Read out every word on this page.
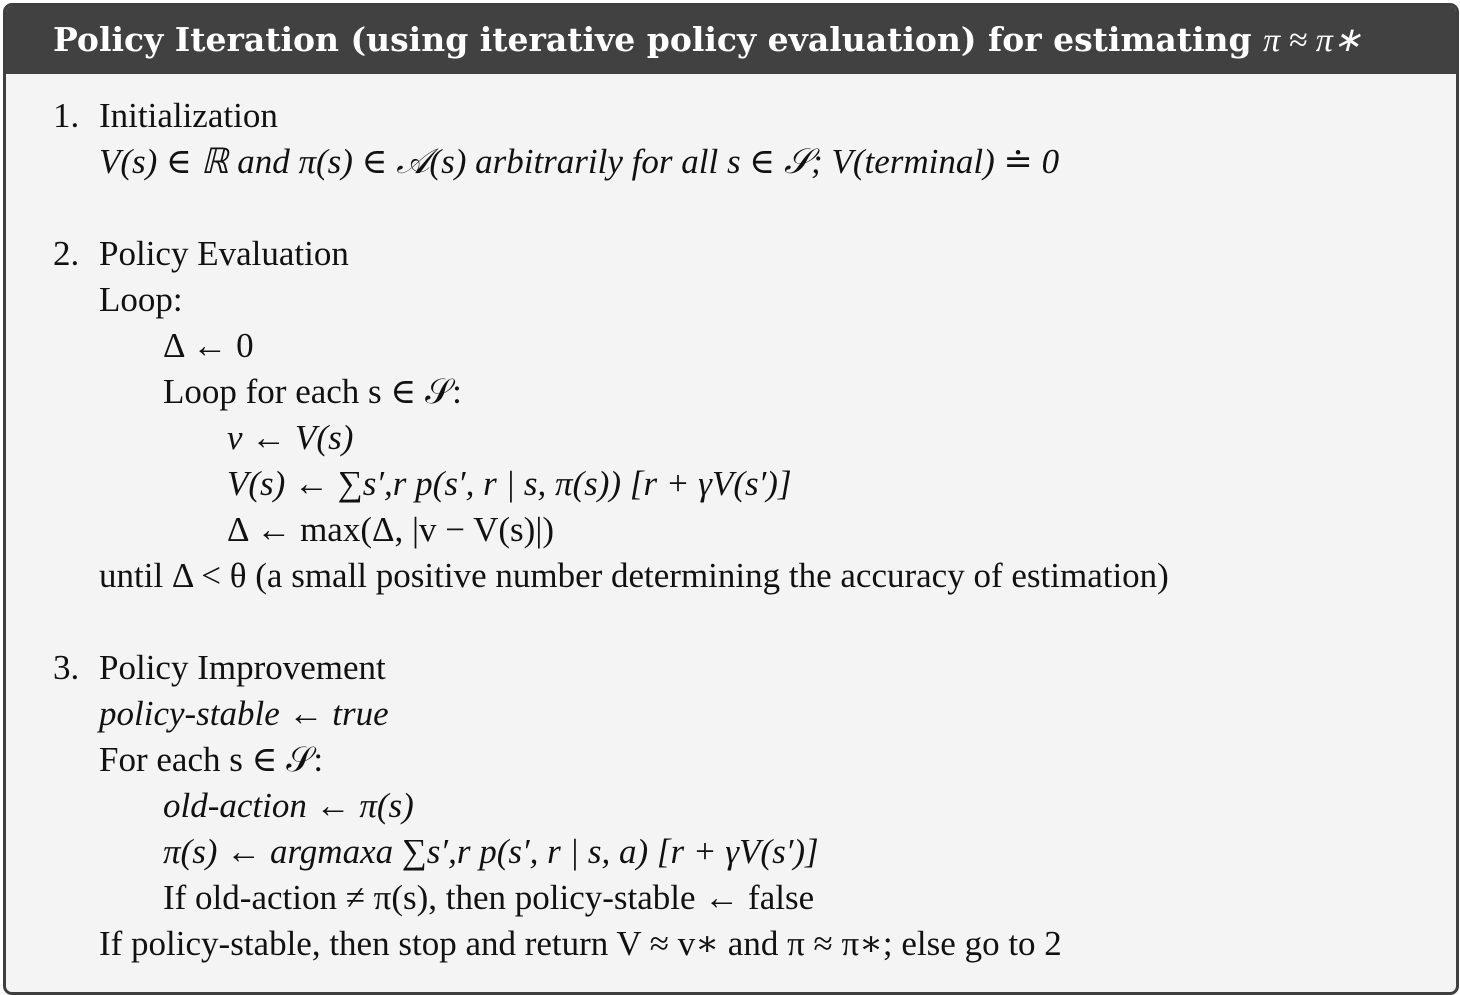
Policy Iteration (using iterative policy evaluation) for estimating π ≈ π∗
1. Initialization
V(s) ∈ ℝ and π(s) ∈ 𝒜(s) arbitrarily for all s ∈ 𝒮; V(terminal) ≐ 0
2. Policy Evaluation
Loop:
Δ ← 0
Loop for each s ∈ 𝒮:
v ← V(s)
V(s) ← ∑s′,r p(s′, r | s, π(s)) [r + γV(s′)]
Δ ← max(Δ, |v − V(s)|)
until Δ < θ (a small positive number determining the accuracy of estimation)
3. Policy Improvement
policy-stable ← true
For each s ∈ 𝒮:
old-action ← π(s)
π(s) ← argmaxa ∑s′,r p(s′, r | s, a) [r + γV(s′)]
If old-action ≠ π(s), then policy-stable ← false
If policy-stable, then stop and return V ≈ v∗ and π ≈ π∗; else go to 2
